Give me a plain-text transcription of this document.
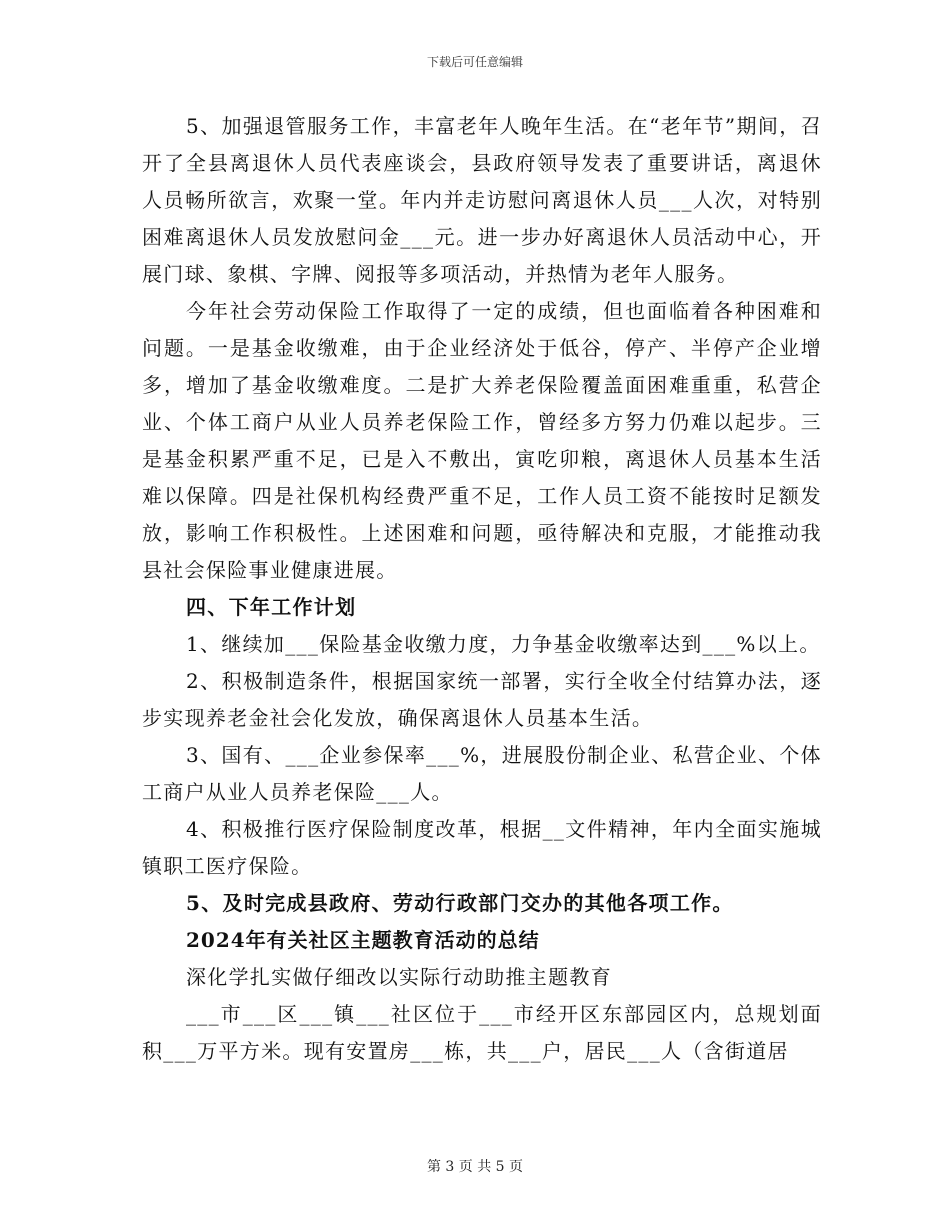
下载后可任意编辑

5、加强退管服务工作，丰富老年人晚年生活。在“老年节”期间，召开了全县离退休人员代表座谈会，县政府领导发表了重要讲话，离退休人员畅所欲言，欢聚一堂。年内并走访慰问离退休人员___人次，对特别困难离退休人员发放慰问金___元。进一步办好离退休人员活动中心，开展门球、象棋、字牌、阅报等多项活动，并热情为老年人服务。

今年社会劳动保险工作取得了一定的成绩，但也面临着各种困难和问题。一是基金收缴难，由于企业经济处于低谷，停产、半停产企业增多，增加了基金收缴难度。二是扩大养老保险覆盖面困难重重，私营企业、个体工商户从业人员养老保险工作，曾经多方努力仍难以起步。三是基金积累严重不足，已是入不敷出，寅吃卯粮，离退休人员基本生活难以保障。四是社保机构经费严重不足，工作人员工资不能按时足额发放，影响工作积极性。上述困难和问题，亟待解决和克服，才能推动我县社会保险事业健康进展。

四、下年工作计划

1、继续加___保险基金收缴力度，力争基金收缴率达到___%以上。

2、积极制造条件，根据国家统一部署，实行全收全付结算办法，逐步实现养老金社会化发放，确保离退休人员基本生活。

3、国有、___企业参保率___%，进展股份制企业、私营企业、个体工商户从业人员养老保险___人。

4、积极推行医疗保险制度改革，根据__文件精神，年内全面实施城镇职工医疗保险。

5、及时完成县政府、劳动行政部门交办的其他各项工作。

2024年有关社区主题教育活动的总结

深化学扎实做仔细改以实际行动助推主题教育

___市___区___镇___社区位于___市经开区东部园区内，总规划面积___万平方米。现有安置房___栋，共___户，居民___人（含街道居

第 3 页 共 5 页
